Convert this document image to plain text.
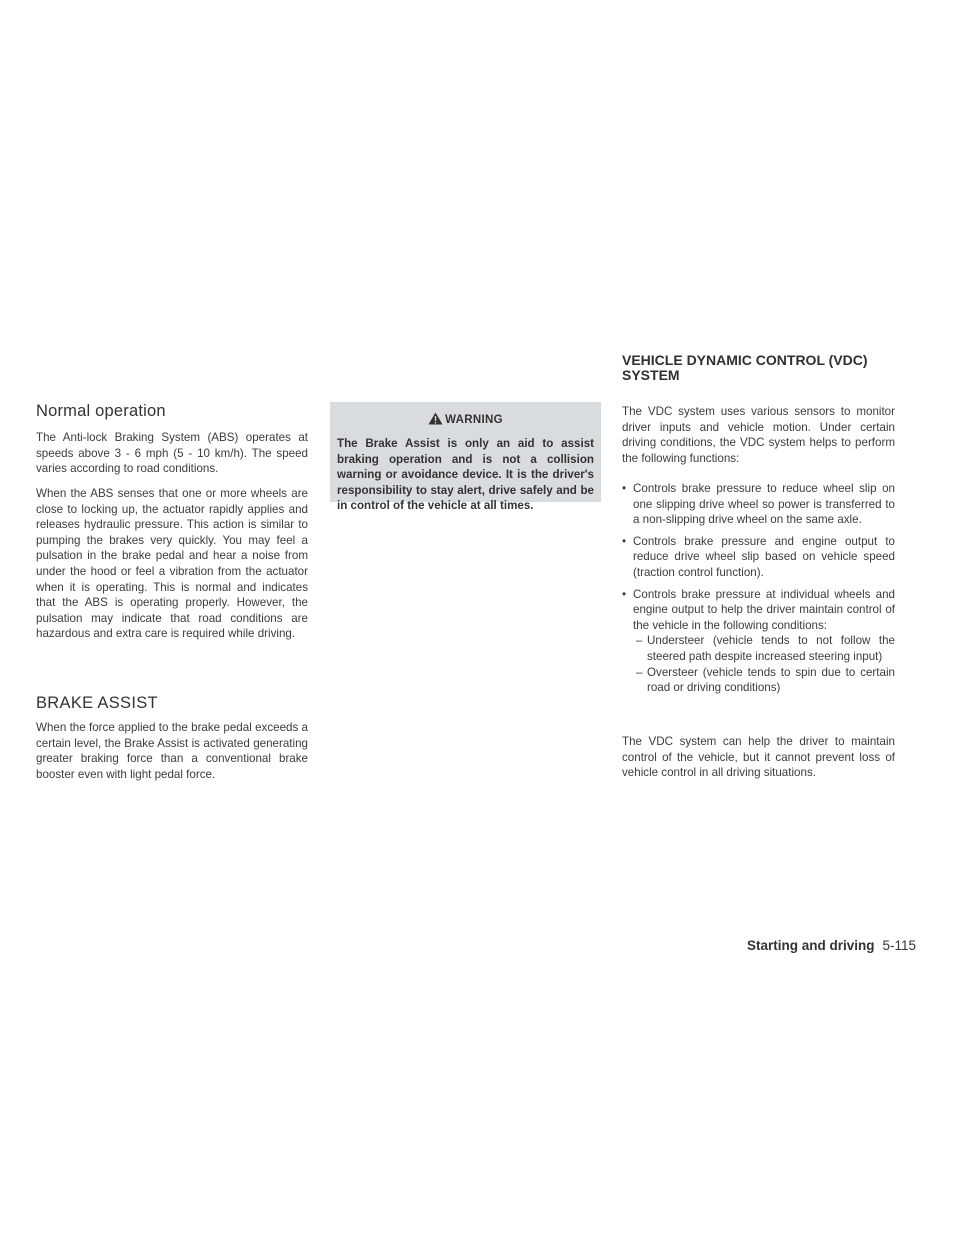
Normal operation

The Anti-lock Braking System (ABS) operates at speeds above 3 - 6 mph (5 - 10 km/h). The speed varies according to road conditions.

When the ABS senses that one or more wheels are close to locking up, the actuator rapidly applies and releases hydraulic pressure. This action is similar to pumping the brakes very quickly. You may feel a pulsation in the brake pedal and hear a noise from under the hood or feel a vibration from the actuator when it is operating. This is normal and indicates that the ABS is operating properly. However, the pulsation may indicate that road conditions are hazardous and extra care is required while driving.

BRAKE ASSIST

When the force applied to the brake pedal exceeds a certain level, the Brake Assist is activated generating greater braking force than a conventional brake booster even with light pedal force.

WARNING
The Brake Assist is only an aid to assist braking operation and is not a collision warning or avoidance device. It is the driver's responsibility to stay alert, drive safely and be in control of the vehicle at all times.
VEHICLE DYNAMIC CONTROL (VDC) SYSTEM

The VDC system uses various sensors to monitor driver inputs and vehicle motion. Under certain driving conditions, the VDC system helps to perform the following functions:

• Controls brake pressure to reduce wheel slip on one slipping drive wheel so power is transferred to a non-slipping drive wheel on the same axle.
• Controls brake pressure and engine output to reduce drive wheel slip based on vehicle speed (traction control function).
• Controls brake pressure at individual wheels and engine output to help the driver maintain control of the vehicle in the following conditions:
– Understeer (vehicle tends to not follow the steered path despite increased steering input)
– Oversteer (vehicle tends to spin due to certain road or driving conditions)

The VDC system can help the driver to maintain control of the vehicle, but it cannot prevent loss of vehicle control in all driving situations.

Starting and driving 5-115
